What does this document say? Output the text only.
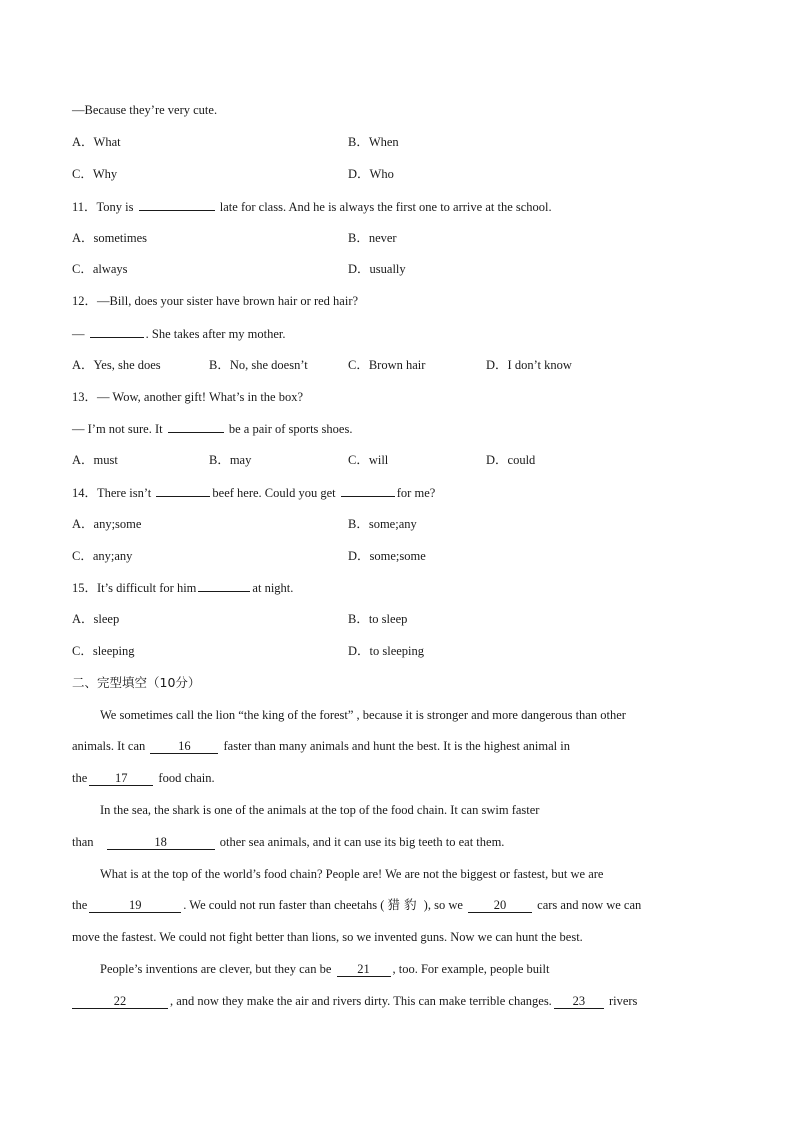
—Because they’re very cute.
A．What	B．When
C．Why	D．Who
11．Tony is	late for class. And he is always the first one to arrive at the school.
A．sometimes	B．never
C．always	D．usually
12．—Bill, does your sister have brown hair or red hair?
—	. She takes after my mother.
A．Yes, she does	B．No, she doesn’t	C．Brown hair	D．I don’t know
13．— Wow, another gift! What’s in the box?
— I’m not sure. It	be a pair of sports shoes.
A．must	B．may	C．will	D．could
14．There isn’t	beef here. Could you get	for me?
A．any;some	B．some;any
C．any;any	D．some;some
15．It’s difficult for him	at night.
A．sleep	B．to sleep
C．sleeping	D．to sleeping
二、完型填空（10分）
We sometimes call the lion “the king of the forest” , because it is stronger and more dangerous than other
animals. It can	16	faster than many animals and hunt the best. It is the highest animal in
the 17 food chain.
In the sea, the shark is one of the animals at the top of the food chain. It can swim faster
than	18	other sea animals, and it can use its big teeth to eat them.
What is at the top of the world’s food chain? People are! We are not the biggest or fastest, but we are
the	19	. We could not run faster than cheetahs ( 猎豹 ), so we 20 cars and now we can
move the fastest. We could not fight better than lions, so we invented guns. Now we can hunt the best.
People’s inventions are clever, but they can be 21 , too. For example, people built
22	, and now they make the air and rivers dirty. This can make terrible changes. 23 rivers
